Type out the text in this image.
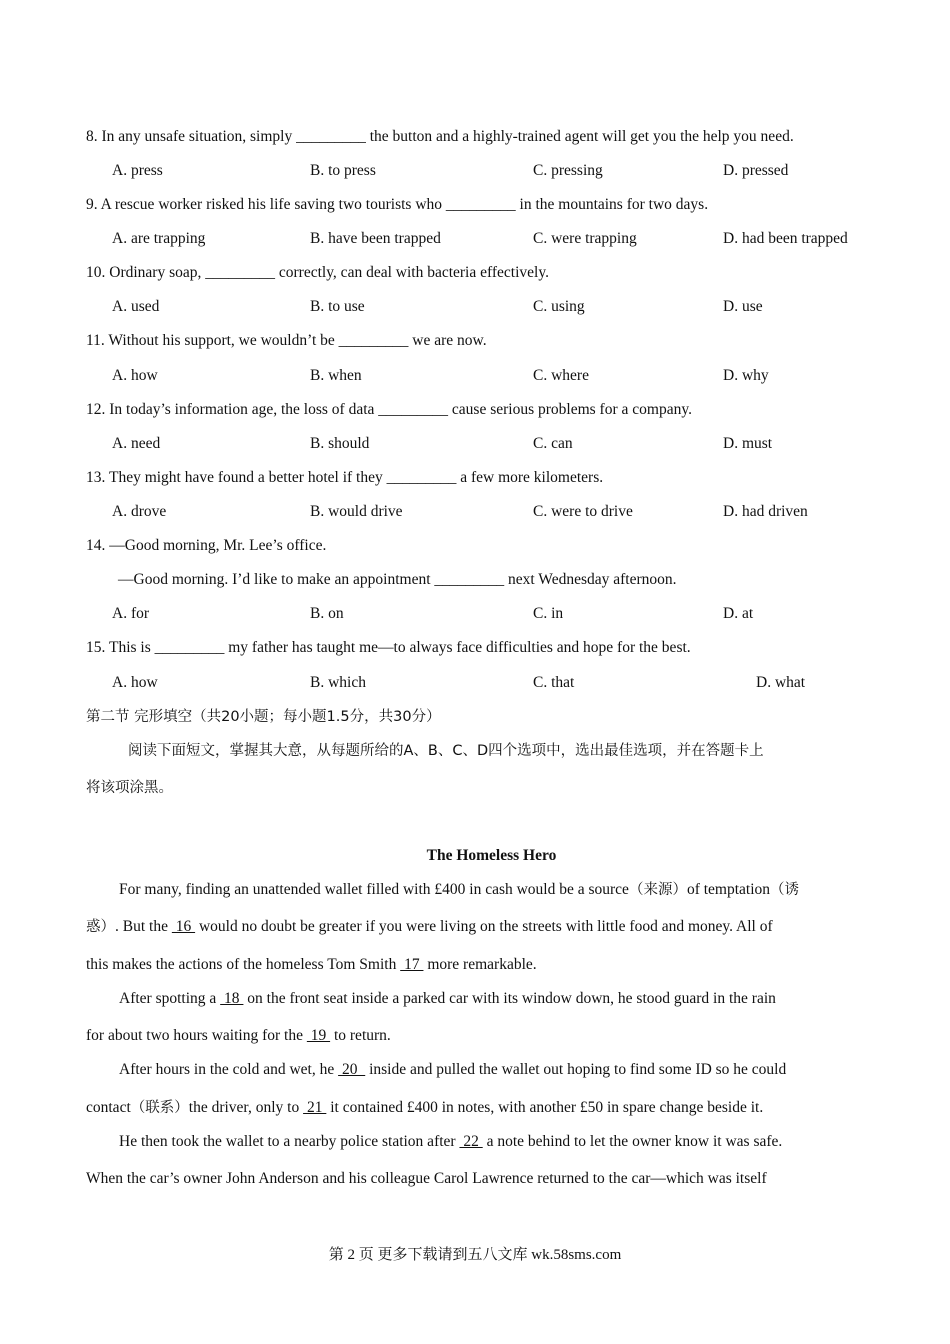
8. In any unsafe situation, simply _________ the button and a highly-trained agent will get you the help you need.
A. press	B. to press	C. pressing	D. pressed
9. A rescue worker risked his life saving two tourists who _________ in the mountains for two days.
A. are trapping	B. have been trapped	C. were trapping	D. had been trapped
10. Ordinary soap, _________ correctly, can deal with bacteria effectively.
A. used	B. to use	C. using	D. use
11. Without his support, we wouldn’t be _________ we are now.
A. how	B. when	C. where	D. why
12. In today’s information age, the loss of data _________ cause serious problems for a company.
A. need	B. should	C. can	D. must
13. They might have found a better hotel if they _________ a few more kilometers.
A. drove	B. would drive	C. were to drive	D. had driven
14. —Good morning, Mr. Lee’s office.
—Good morning. I’d like to make an appointment _________ next Wednesday afternoon.
A. for	B. on	C. in	D. at
15. This is _________ my father has taught me—to always face difficulties and hope for the best.
A. how	B. which	C. that	D. what
第二节 完形填空（共20小题；每小题1.5分，共30分）
阅读下面短文，掌握其大意，从每题所给的A、B、C、D四个选项中，选出最佳选项，并在答题卡上
将该项涂黑。
The Homeless Hero
For many, finding an unattended wallet filled with £400 in cash would be a source（来源）of temptation（诱
惑）. But the  16  would no doubt be greater if you were living on the streets with little food and money. All of
this makes the actions of the homeless Tom Smith  17  more remarkable.
After spotting a  18  on the front seat inside a parked car with its window down, he stood guard in the rain
for about two hours waiting for the  19  to return.
After hours in the cold and wet, he  20   inside and pulled the wallet out hoping to find some ID so he could
contact（联系）the driver, only to  21  it contained £400 in notes, with another £50 in spare change beside it.
He then took the wallet to a nearby police station after  22  a note behind to let the owner know it was safe.
When the car’s owner John Anderson and his colleague Carol Lawrence returned to the car—which was itself
第 2 页 更多下载请到五八文库 wk.58sms.com
